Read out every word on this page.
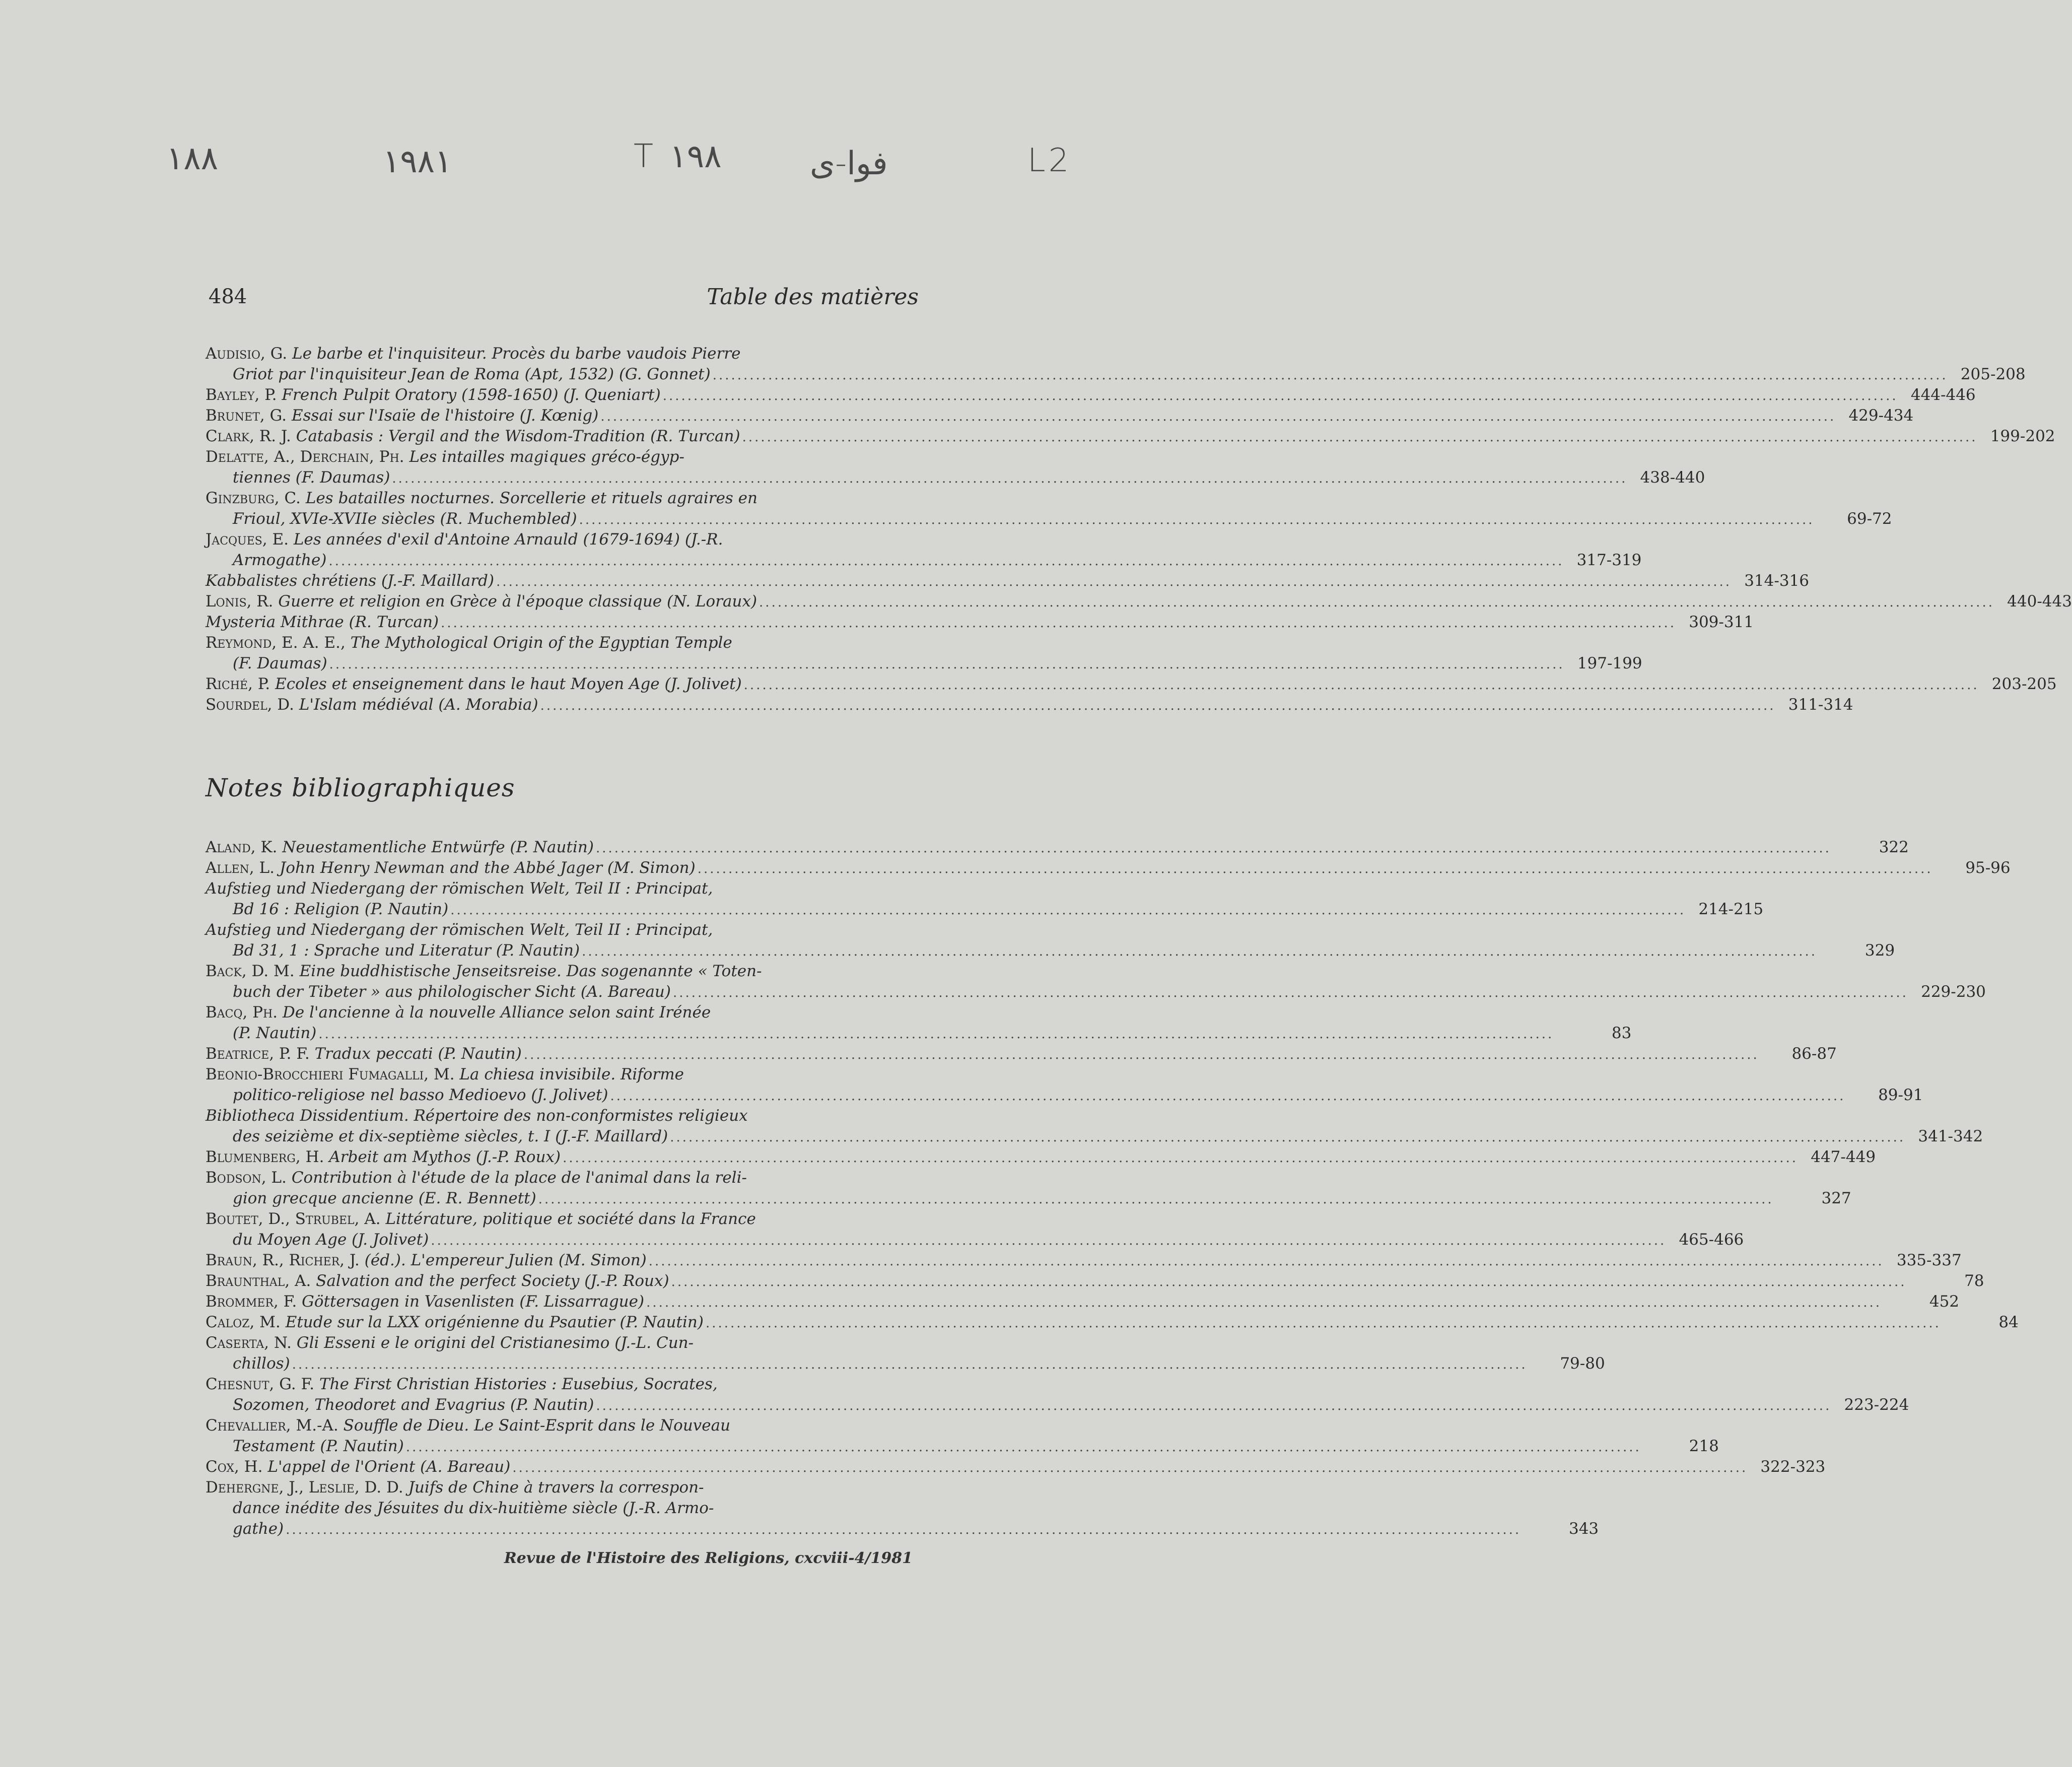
١٨٨	١٩٨١	T ١٩٨	فوا-ی	L2
484	Table des matières
Audisio, G. Le barbe et l'inquisiteur. Procès du barbe vaudois Pierre
Griot par l'inquisiteur Jean de Roma (Apt, 1532) (G. Gonnet) ........................................................................................................................................................................................................ 205-208
Bayley, P. French Pulpit Oratory (1598-1650) (J. Queniart) ........................................................................................................................................................................................................ 444-446
Brunet, G. Essai sur l'Isaïe de l'histoire (J. Kœnig) ........................................................................................................................................................................................................ 429-434
Clark, R. J. Catabasis : Vergil and the Wisdom-Tradition (R. Turcan) ........................................................................................................................................................................................................ 199-202
Delatte, A., Derchain, Ph. Les intailles magiques gréco-égyp-
tiennes (F. Daumas) ........................................................................................................................................................................................................ 438-440
Ginzburg, C. Les batailles nocturnes. Sorcellerie et rituels agraires en
Frioul, XVIe-XVIIe siècles (R. Muchembled) ........................................................................................................................................................................................................	69-72
Jacques, E. Les années d'exil d'Antoine Arnauld (1679-1694) (J.-R.
Armogathe) ........................................................................................................................................................................................................ 317-319
Kabbalistes chrétiens (J.-F. Maillard) ........................................................................................................................................................................................................ 314-316
Lonis, R. Guerre et religion en Grèce à l'époque classique (N. Loraux) ........................................................................................................................................................................................................ 440-443
Mysteria Mithrae (R. Turcan) ........................................................................................................................................................................................................ 309-311
Reymond, E. A. E., The Mythological Origin of the Egyptian Temple
(F. Daumas) ........................................................................................................................................................................................................ 197-199
Riché, P. Ecoles et enseignement dans le haut Moyen Age (J. Jolivet) ........................................................................................................................................................................................................ 203-205
Sourdel, D. L'Islam médiéval (A. Morabia) ........................................................................................................................................................................................................ 311-314
Notes bibliographiques
Aland, K. Neuestamentliche Entwürfe (P. Nautin) ........................................................................................................................................................................................................	322
Allen, L. John Henry Newman and the Abbé Jager (M. Simon) ........................................................................................................................................................................................................	95-96
Aufstieg und Niedergang der römischen Welt, Teil II : Principat,
Bd 16 : Religion (P. Nautin) ........................................................................................................................................................................................................ 214-215
Aufstieg und Niedergang der römischen Welt, Teil II : Principat,
Bd 31, 1 : Sprache und Literatur (P. Nautin) ........................................................................................................................................................................................................	329
Back, D. M. Eine buddhistische Jenseitsreise. Das sogenannte « Toten-
buch der Tibeter » aus philologischer Sicht (A. Bareau) ........................................................................................................................................................................................................ 229-230
Bacq, Ph. De l'ancienne à la nouvelle Alliance selon saint Irénée
(P. Nautin) ........................................................................................................................................................................................................	83
Beatrice, P. F. Tradux peccati (P. Nautin) ........................................................................................................................................................................................................	86-87
Beonio-Brocchieri Fumagalli, M. La chiesa invisibile. Riforme
politico-religiose nel basso Medioevo (J. Jolivet) ........................................................................................................................................................................................................	89-91
Bibliotheca Dissidentium. Répertoire des non-conformistes religieux
des seizième et dix-septième siècles, t. I (J.-F. Maillard) ........................................................................................................................................................................................................ 341-342
Blumenberg, H. Arbeit am Mythos (J.-P. Roux) ........................................................................................................................................................................................................ 447-449
Bodson, L. Contribution à l'étude de la place de l'animal dans la reli-
gion grecque ancienne (E. R. Bennett) ........................................................................................................................................................................................................	327
Boutet, D., Strubel, A. Littérature, politique et société dans la France
du Moyen Age (J. Jolivet) ........................................................................................................................................................................................................ 465-466
Braun, R., Richer, J. (éd.). L'empereur Julien (M. Simon) ........................................................................................................................................................................................................ 335-337
Braunthal, A. Salvation and the perfect Society (J.-P. Roux) ........................................................................................................................................................................................................	78
Brommer, F. Göttersagen in Vasenlisten (F. Lissarrague) ........................................................................................................................................................................................................	452
Caloz, M. Etude sur la LXX origénienne du Psautier (P. Nautin) ........................................................................................................................................................................................................	84
Caserta, N. Gli Esseni e le origini del Cristianesimo (J.-L. Cun-
chillos) ........................................................................................................................................................................................................	79-80
Chesnut, G. F. The First Christian Histories : Eusebius, Socrates,
Sozomen, Theodoret and Evagrius (P. Nautin) ........................................................................................................................................................................................................ 223-224
Chevallier, M.-A. Souffle de Dieu. Le Saint-Esprit dans le Nouveau
Testament (P. Nautin) ........................................................................................................................................................................................................	218
Cox, H. L'appel de l'Orient (A. Bareau) ........................................................................................................................................................................................................ 322-323
Dehergne, J., Leslie, D. D. Juifs de Chine à travers la correspon-
dance inédite des Jésuites du dix-huitième siècle (J.-R. Armo-
gathe) ........................................................................................................................................................................................................	343
Revue de l'Histoire des Religions, cxcviii-4/1981
